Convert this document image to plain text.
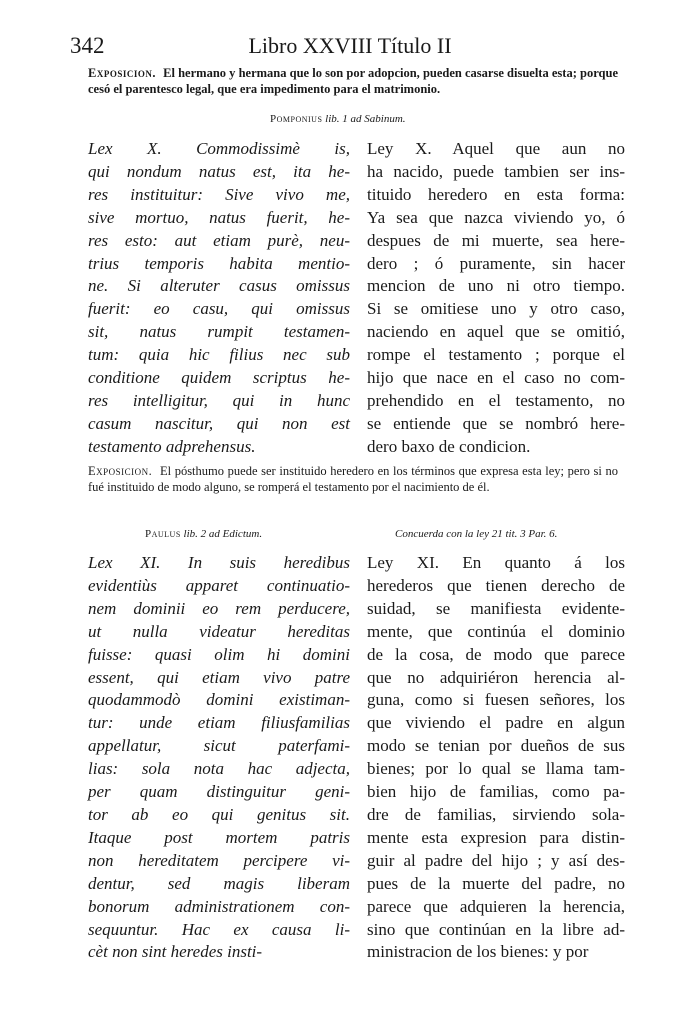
342	Libro XXVIII Título II
Exposicion. El hermano y hermana que lo son por adopcion, pueden casarse disuelta esta; porque cesó el parentesco legal, que era impedimento para el matrimonio.
Pomponius lib. 1 ad Sabinum.
Lex X. Commodissimè is,
qui nondum natus est, ita he-
res instituitur: Sive vivo me,
sive mortuo, natus fuerit, he-
res esto: aut etiam purè, neu-
trius temporis habita mentio-
ne. Si alteruter casus omissus
fuerit: eo casu, qui omissus
sit, natus rumpit testamen-
tum: quia hic filius nec sub
conditione quidem scriptus he-
res intelligitur, qui in hunc
casum nascitur, qui non est
testamento adprehensus.
Ley X. Aquel que aun no
ha nacido, puede tambien ser ins-
tituido heredero en esta forma:
Ya sea que nazca viviendo yo, ó
despues de mi muerte, sea here-
dero ; ó puramente, sin hacer
mencion de uno ni otro tiempo.
Si se omitiese uno y otro caso,
naciendo en aquel que se omitió,
rompe el testamento ; porque el
hijo que nace en el caso no com-
prehendido en el testamento, no
se entiende que se nombró here-
dero baxo de condicion.
Exposicion. El pósthumo puede ser instituido heredero en los términos que expresa esta ley; pero si no fué instituido de modo alguno, se romperá el testamento por el nacimiento de él.
Paulus lib. 2 ad Edictum.	Concuerda con la ley 21 tit. 3 Par. 6.
Lex XI. In suis heredibus
evidentiùs apparet continuatio-
nem dominii eo rem perducere,
ut nulla videatur hereditas
fuisse: quasi olim hi domini
essent, qui etiam vivo patre
quodammodò domini existiman-
tur: unde etiam filiusfamilias
appellatur, sicut paterfami-
lias: sola nota hac adjecta,
per quam distinguitur geni-
tor ab eo qui genitus sit.
Itaque post mortem patris
non hereditatem percipere vi-
dentur, sed magis liberam
bonorum administrationem con-
sequuntur. Hac ex causa li-
cèt non sint heredes insti-
Ley XI. En quanto á los
herederos que tienen derecho de
suidad, se manifiesta evidente-
mente, que continúa el dominio
de la cosa, de modo que parece
que no adquiriéron herencia al-
guna, como si fuesen señores, los
que viviendo el padre en algun
modo se tenian por dueños de sus
bienes; por lo qual se llama tam-
bien hijo de familias, como pa-
dre de familias, sirviendo sola-
mente esta expresion para distin-
guir al padre del hijo ; y así des-
pues de la muerte del padre, no
parece que adquieren la herencia,
sino que continúan en la libre ad-
ministracion de los bienes: y por
